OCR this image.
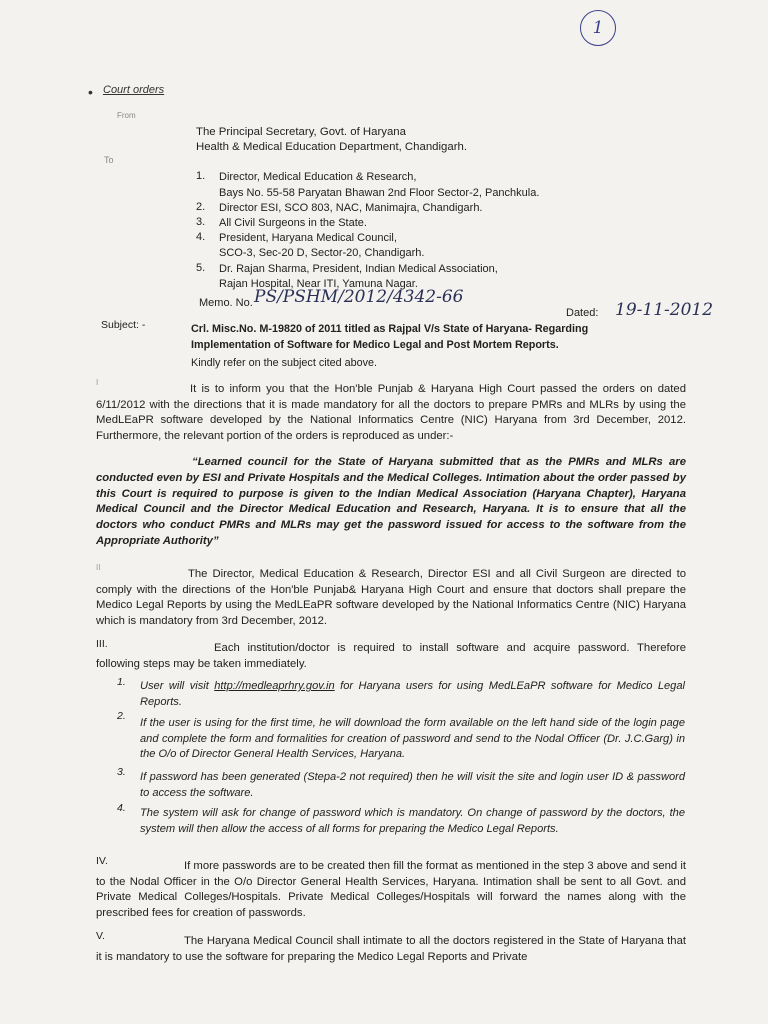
1
• Court orders
From
The Principal Secretary, Govt. of Haryana
Health & Medical Education Department, Chandigarh.
To
1. Director, Medical Education & Research,
Bays No. 55-58 Paryatan Bhawan 2nd Floor Sector-2, Panchkula.
2. Director ESI, SCO 803, NAC, Manimajra, Chandigarh.
3. All Civil Surgeons in the State.
4. President, Haryana Medical Council,
SCO-3, Sec-20 D, Sector-20, Chandigarh.
5. Dr. Rajan Sharma, President, Indian Medical Association,
Rajan Hospital, Near ITI, Yamuna Nagar.
Memo. No. PS/PSHM/2012/4342-66
Dated: 19-11-2012
Subject: -	Crl. Misc.No. M-19820 of 2011 titled as Rajpal V/s State of Haryana- Regarding
Implementation of Software for Medico Legal and Post Mortem Reports.
Kindly refer on the subject cited above.
I
It is to inform you that the Hon'ble Punjab & Haryana High Court passed the orders on dated 6/11/2012 with the directions that it is made mandatory for all the doctors to prepare PMRs and MLRs by using the MedLEaPR software developed by the National Informatics Centre (NIC) Haryana from 3rd December, 2012. Furthermore, the relevant portion of the orders is reproduced as under:-
“Learned council for the State of Haryana submitted that as the PMRs and MLRs are conducted even by ESI and Private Hospitals and the Medical Colleges. Intimation about the order passed by this Court is required to purpose is given to the Indian Medical Association (Haryana Chapter), Haryana Medical Council and the Director Medical Education and Research, Haryana. It is to ensure that all the doctors who conduct PMRs and MLRs may get the password issued for access to the software from the Appropriate Authority”
II
The Director, Medical Education & Research, Director ESI and all Civil Surgeon are directed to comply with the directions of the Hon'ble Punjab& Haryana High Court and ensure that doctors shall prepare the Medico Legal Reports by using the MedLEaPR software developed by the National Informatics Centre (NIC) Haryana which is mandatory from 3rd December, 2012.
III.	Each institution/doctor is required to install software and acquire password. Therefore following steps may be taken immediately.
1. User will visit http://medleaprhry.gov.in for Haryana users for using MedLEaPR software for Medico Legal Reports.
2.
If the user is using for the first time, he will download the form available on the left hand side of the login page and complete the form and formalities for creation of password and send to the Nodal Officer (Dr. J.C.Garg) in the O/o of Director General Health Services, Haryana.
3. If password has been generated (Stepa-2 not required) then he will visit the site and login user ID & password to access the software.
4. The system will ask for change of password which is mandatory. On change of password by the doctors, the system will then allow the access of all forms for preparing the Medico Legal Reports.
IV.	If more passwords are to be created then fill the format as mentioned in the step 3 above and send it to the Nodal Officer in the O/o Director General Health Services, Haryana. Intimation shall be sent to all Govt. and Private Medical Colleges/Hospitals. Private Medical Colleges/Hospitals will forward the names along with the prescribed fees for creation of passwords.
V.	The Haryana Medical Council shall intimate to all the doctors registered in the State of Haryana that it is mandatory to use the software for preparing the Medico Legal Reports and Private
